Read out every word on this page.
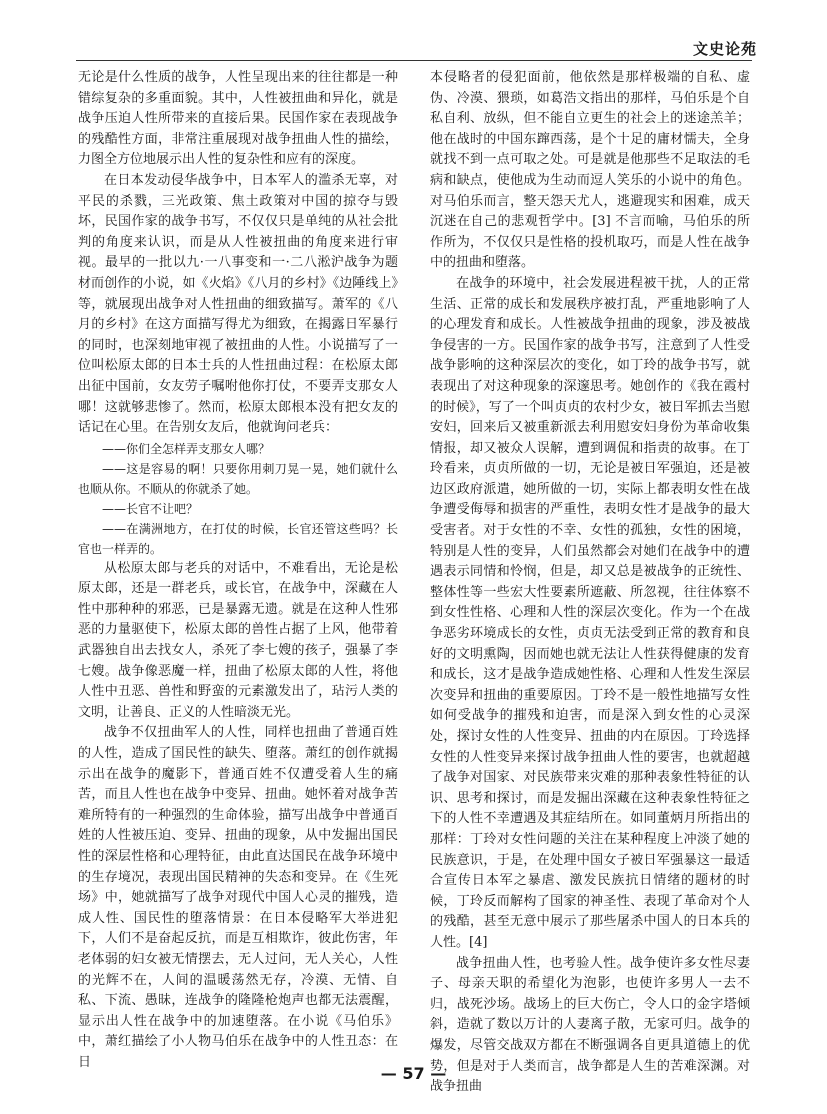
文史论苑

无论是什么性质的战争，人性呈现出来的往往都是一种错综复杂的多重面貌。其中，人性被扭曲和异化，就是战争压迫人性所带来的直接后果。民国作家在表现战争的残酷性方面，非常注重展现对战争扭曲人性的描绘，力图全方位地展示出人性的复杂性和应有的深度。

在日本发动侵华战争中，日本军人的滥杀无辜，对平民的杀戮，三光政策、焦土政策对中国的掠夺与毁坏，民国作家的战争书写，不仅仅只是单纯的从社会批判的角度来认识，而是从人性被扭曲的角度来进行审视。最早的一批以九·一八事变和一·二八淞沪战争为题材而创作的小说，如《火焰》《八月的乡村》《边陲线上》等，就展现出战争对人性扭曲的细致描写。萧军的《八月的乡村》在这方面描写得尤为细致，在揭露日军暴行的同时，也深刻地审视了被扭曲的人性。小说描写了一位叫松原太郎的日本士兵的人性扭曲过程：在松原太郎出征中国前，女友劳子嘱咐他你打仗，不要弄支那女人哪！这就够悲惨了。然而，松原太郎根本没有把女友的话记在心里。在告别女友后，他就询问老兵：

——你们全怎样弄支那女人哪？

——这是容易的啊！只要你用刺刀晃一晃，她们就什么也顺从你。不顺从的你就杀了她。

——长官不让吧？

——在满洲地方，在打仗的时候，长官还管这些吗？长官也一样弄的。

从松原太郎与老兵的对话中，不难看出，无论是松原太郎，还是一群老兵，或长官，在战争中，深藏在人性中那种种的邪恶，已是暴露无遗。就是在这种人性邪恶的力量驱使下，松原太郎的兽性占据了上风，他带着武器独自出去找女人，杀死了李七嫂的孩子，强暴了李七嫂。战争像恶魔一样，扭曲了松原太郎的人性，将他人性中丑恶、兽性和野蛮的元素激发出了，玷污人类的文明，让善良、正义的人性暗淡无光。

战争不仅扭曲军人的人性，同样也扭曲了普通百姓的人性，造成了国民性的缺失、堕落。萧红的创作就揭示出在战争的魔影下，普通百姓不仅遭受着人生的痛苦，而且人性也在战争中变异、扭曲。她怀着对战争苦难所特有的一种强烈的生命体验，描写出战争中普通百姓的人性被压迫、变异、扭曲的现象，从中发掘出国民性的深层性格和心理特征，由此直达国民在战争环境中的生存境况，表现出国民精神的失态和变异。在《生死场》中，她就描写了战争对现代中国人心灵的摧残，造成人性、国民性的堕落情景：在日本侵略军大举进犯下，人们不是奋起反抗，而是互相欺诈，彼此伤害，年老体弱的妇女被无情摆去，无人过问，无人关心，人性的光辉不在，人间的温暖荡然无存，冷漠、无情、自私、下流、愚昧，连战争的隆隆枪炮声也都无法震醒，显示出人性在战争中的加速堕落。在小说《马伯乐》中，萧红描绘了小人物马伯乐在战争中的人性丑态：在日

本侵略者的侵犯面前，他依然是那样极端的自私、虚伪、冷漠、猥琐，如葛浩文指出的那样，马伯乐是个自私自利、放纵，但不能自立更生的社会上的迷途羔羊；他在战时的中国东蹿西荡，是个十足的庸材懦夫，全身就找不到一点可取之处。可是就是他那些不足取法的毛病和缺点，使他成为生动而逗人笑乐的小说中的角色。对马伯乐而言，整天怨天尤人，逃避现实和困难，成天沉迷在自己的悲观哲学中。[3] 不言而喻，马伯乐的所作所为，不仅仅只是性格的投机取巧，而是人性在战争中的扭曲和堕落。

在战争的环境中，社会发展进程被干扰，人的正常生活、正常的成长和发展秩序被打乱，严重地影响了人的心理发育和成长。人性被战争扭曲的现象，涉及被战争侵害的一方。民国作家的战争书写，注意到了人性受战争影响的这种深层次的变化，如丁玲的战争书写，就表现出了对这种现象的深邃思考。她创作的《我在霞村的时候》，写了一个叫贞贞的农村少女，被日军抓去当慰安妇，回来后又被重新派去利用慰安妇身份为革命收集情报，却又被众人误解，遭到调侃和指责的故事。在丁玲看来，贞贞所做的一切，无论是被日军强迫，还是被边区政府派遣，她所做的一切，实际上都表明女性在战争遭受侮辱和损害的严重性，表明女性才是战争的最大受害者。对于女性的不幸、女性的孤独，女性的困境，特别是人性的变异，人们虽然都会对她们在战争中的遭遇表示同情和怜悯，但是，却又总是被战争的正统性、整体性等一些宏大性要素所遮蔽、所忽视，往往体察不到女性性格、心理和人性的深层次变化。作为一个在战争恶劣环境成长的女性，贞贞无法受到正常的教育和良好的文明熏陶，因而她也就无法让人性获得健康的发育和成长，这才是战争造成她性格、心理和人性发生深层次变异和扭曲的重要原因。丁玲不是一般性地描写女性如何受战争的摧残和迫害，而是深入到女性的心灵深处，探讨女性的人性变异、扭曲的内在原因。丁玲选择女性的人性变异来探讨战争扭曲人性的要害，也就超越了战争对国家、对民族带来灾难的那种表象性特征的认识、思考和探讨，而是发掘出深藏在这种表象性特征之下的人性不幸遭遇及其症结所在。如同董炳月所指出的那样：丁玲对女性问题的关注在某种程度上冲淡了她的民族意识，于是，在处理中国女子被日军强暴这一最适合宣传日本军之暴虐、激发民族抗日情绪的题材的时候，丁玲反而解构了国家的神圣性、表现了革命对个人的残酷，甚至无意中展示了那些屠杀中国人的日本兵的人性。[4]

战争扭曲人性，也考验人性。战争使许多女性尽妻子、母亲天职的希望化为泡影，也使许多男人一去不归，战死沙场。战场上的巨大伤亡，令人口的金字塔倾斜，造就了数以万计的人妻离子散，无家可归。战争的爆发，尽管交战双方都在不断强调各自更具道德上的优势，但是对于人类而言，战争都是人生的苦难深渊。对战争扭曲

— 57 —
